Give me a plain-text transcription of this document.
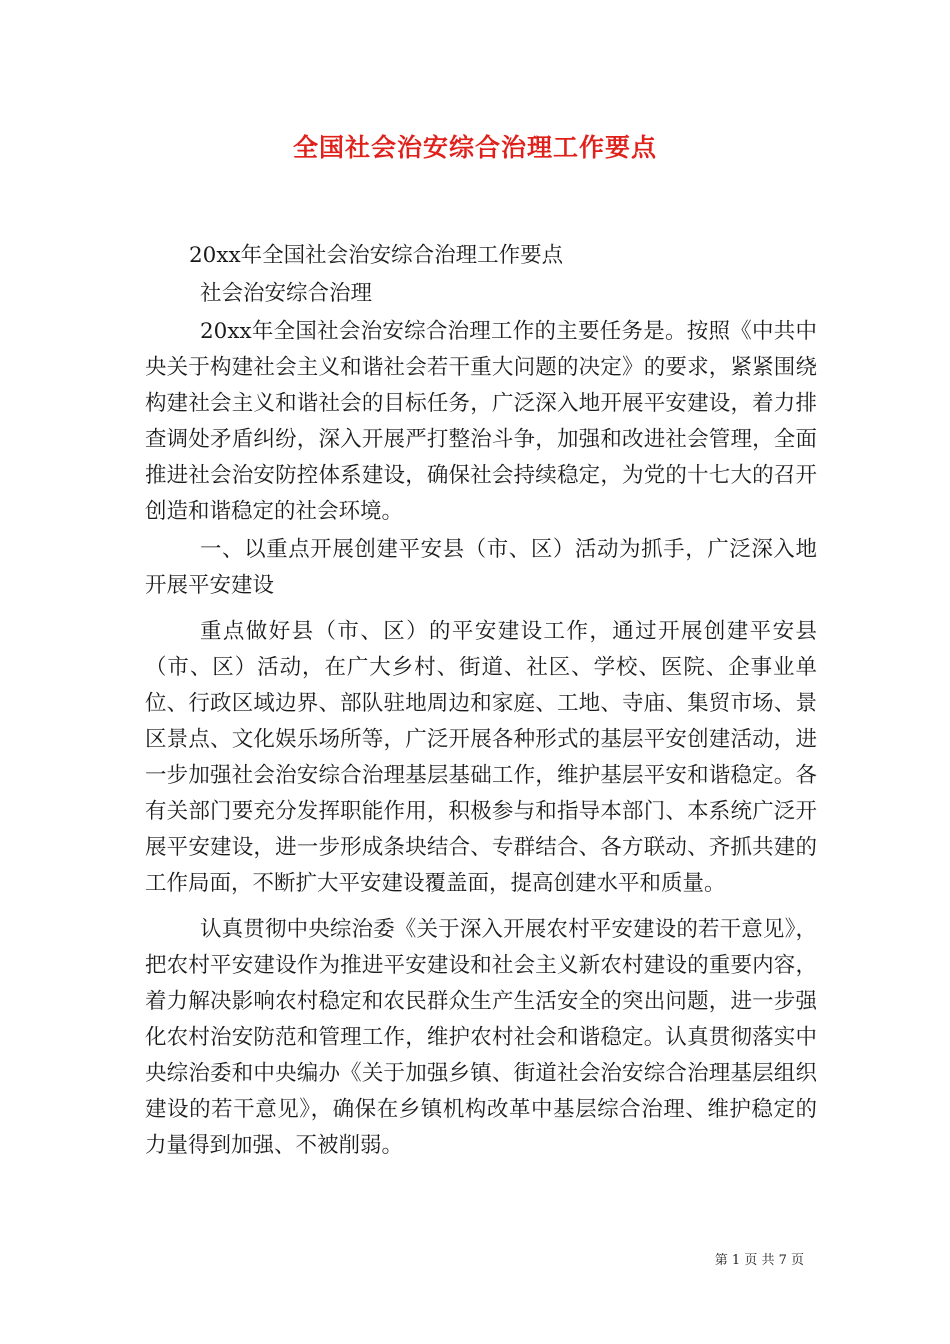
全国社会治安综合治理工作要点

20xx年全国社会治安综合治理工作要点

社会治安综合治理

20xx年全国社会治安综合治理工作的主要任务是。按照《中共中央关于构建社会主义和谐社会若干重大问题的决定》的要求，紧紧围绕构建社会主义和谐社会的目标任务，广泛深入地开展平安建设，着力排查调处矛盾纠纷，深入开展严打整治斗争，加强和改进社会管理，全面推进社会治安防控体系建设，确保社会持续稳定，为党的十七大的召开创造和谐稳定的社会环境。

一、以重点开展创建平安县（市、区）活动为抓手，广泛深入地开展平安建设

重点做好县（市、区）的平安建设工作，通过开展创建平安县（市、区）活动，在广大乡村、街道、社区、学校、医院、企事业单位、行政区域边界、部队驻地周边和家庭、工地、寺庙、集贸市场、景区景点、文化娱乐场所等，广泛开展各种形式的基层平安创建活动，进一步加强社会治安综合治理基层基础工作，维护基层平安和谐稳定。各有关部门要充分发挥职能作用，积极参与和指导本部门、本系统广泛开展平安建设，进一步形成条块结合、专群结合、各方联动、齐抓共建的工作局面，不断扩大平安建设覆盖面，提高创建水平和质量。

认真贯彻中央综治委《关于深入开展农村平安建设的若干意见》，把农村平安建设作为推进平安建设和社会主义新农村建设的重要内容，着力解决影响农村稳定和农民群众生产生活安全的突出问题，进一步强化农村治安防范和管理工作，维护农村社会和谐稳定。认真贯彻落实中央综治委和中央编办《关于加强乡镇、街道社会治安综合治理基层组织建设的若干意见》，确保在乡镇机构改革中基层综合治理、维护稳定的力量得到加强、不被削弱。

第 1 页 共 7 页
